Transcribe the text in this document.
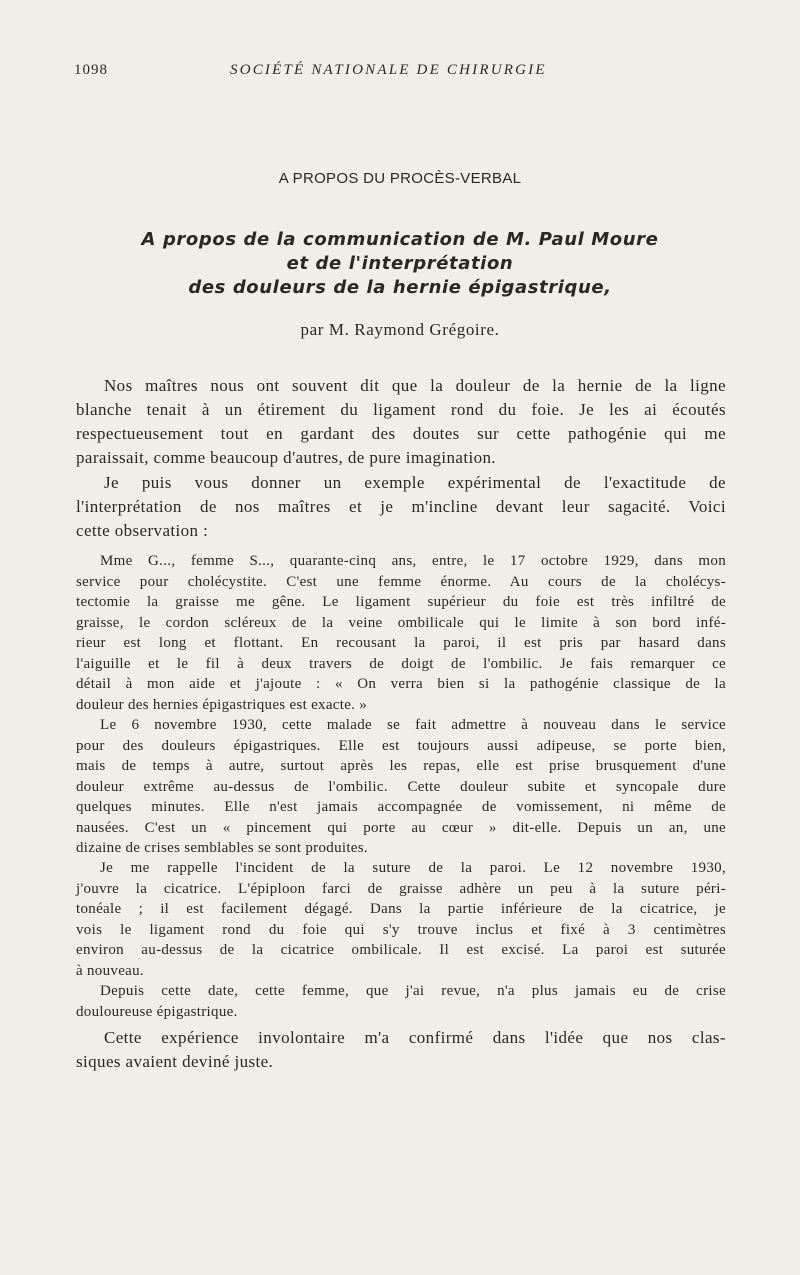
1098	SOCIÉTÉ NATIONALE DE CHIRURGIE
A PROPOS DU PROCÈS-VERBAL
A propos de la communication de M. Paul Moure
et de l'interprétation
des douleurs de la hernie épigastrique,
par M. Raymond Grégoire.
Nos maîtres nous ont souvent dit que la douleur de la hernie de la ligne
blanche tenait à un étirement du ligament rond du foie. Je les ai écoutés
respectueusement tout en gardant des doutes sur cette pathogénie qui me
paraissait, comme beaucoup d'autres, de pure imagination.
Je puis vous donner un exemple expérimental de l'exactitude de
l'interprétation de nos maîtres et je m'incline devant leur sagacité. Voici
cette observation :
Mme G..., femme S..., quarante-cinq ans, entre, le 17 octobre 1929, dans mon
service pour cholécystite. C'est une femme énorme. Au cours de la cholécys-
tectomie la graisse me gêne. Le ligament supérieur du foie est très infiltré de
graisse, le cordon scléreux de la veine ombilicale qui le limite à son bord infé-
rieur est long et flottant. En recousant la paroi, il est pris par hasard dans
l'aiguille et le fil à deux travers de doigt de l'ombilic. Je fais remarquer ce
détail à mon aide et j'ajoute : « On verra bien si la pathogénie classique de la
douleur des hernies épigastriques est exacte. »
Le 6 novembre 1930, cette malade se fait admettre à nouveau dans le service
pour des douleurs épigastriques. Elle est toujours aussi adipeuse, se porte bien,
mais de temps à autre, surtout après les repas, elle est prise brusquement d'une
douleur extrême au-dessus de l'ombilic. Cette douleur subite et syncopale dure
quelques minutes. Elle n'est jamais accompagnée de vomissement, ni même de
nausées. C'est un « pincement qui porte au cœur » dit-elle. Depuis un an, une
dizaine de crises semblables se sont produites.
Je me rappelle l'incident de la suture de la paroi. Le 12 novembre 1930,
j'ouvre la cicatrice. L'épiploon farci de graisse adhère un peu à la suture péri-
tonéale ; il est facilement dégagé. Dans la partie inférieure de la cicatrice, je
vois le ligament rond du foie qui s'y trouve inclus et fixé à 3 centimètres
environ au-dessus de la cicatrice ombilicale. Il est excisé. La paroi est suturée
à nouveau.
Depuis cette date, cette femme, que j'ai revue, n'a plus jamais eu de crise
douloureuse épigastrique.
Cette expérience involontaire m'a confirmé dans l'idée que nos clas-
siques avaient deviné juste.
